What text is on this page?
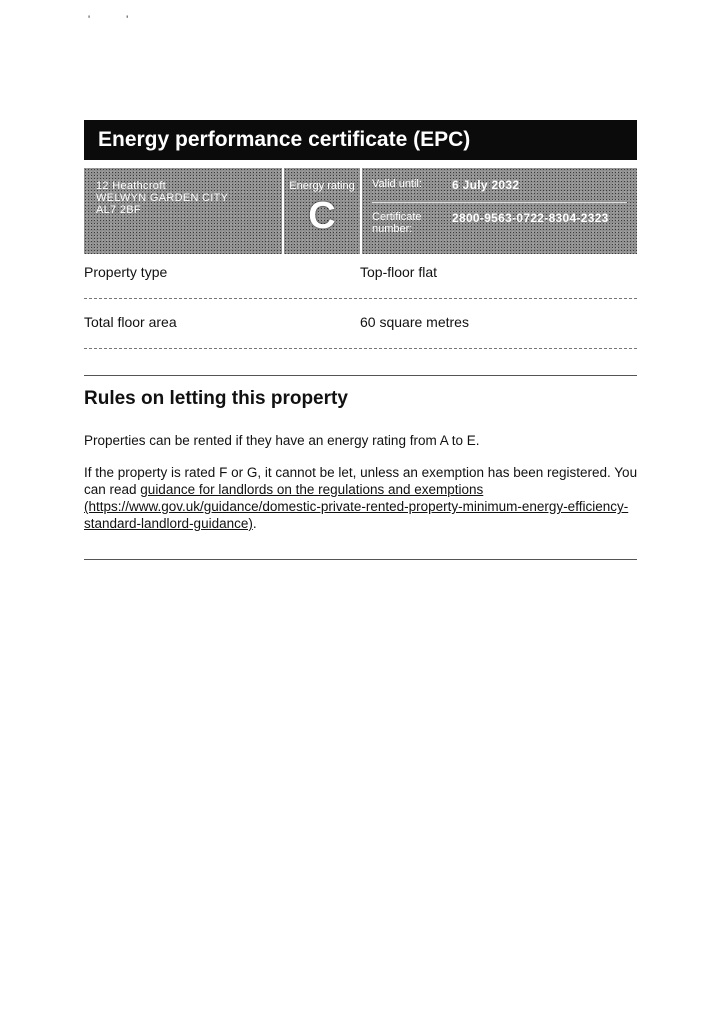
'	'
Energy performance certificate (EPC)
12 Heathcroft
WELWYN GARDEN CITY
AL7 2BF
Energy rating
C
Valid until:	6 July 2032
Certificate number:
2800-9563-0722-8304-2323
Property type	Top-floor flat
Total floor area	60 square metres
Rules on letting this property
Properties can be rented if they have an energy rating from A to E.
If the property is rated F or G, it cannot be let, unless an exemption has been registered. You can read guidance for landlords on the regulations and exemptions (https://www.gov.uk/guidance/domestic-private-rented-property-minimum-energy-efficiency-standard-landlord-guidance).
